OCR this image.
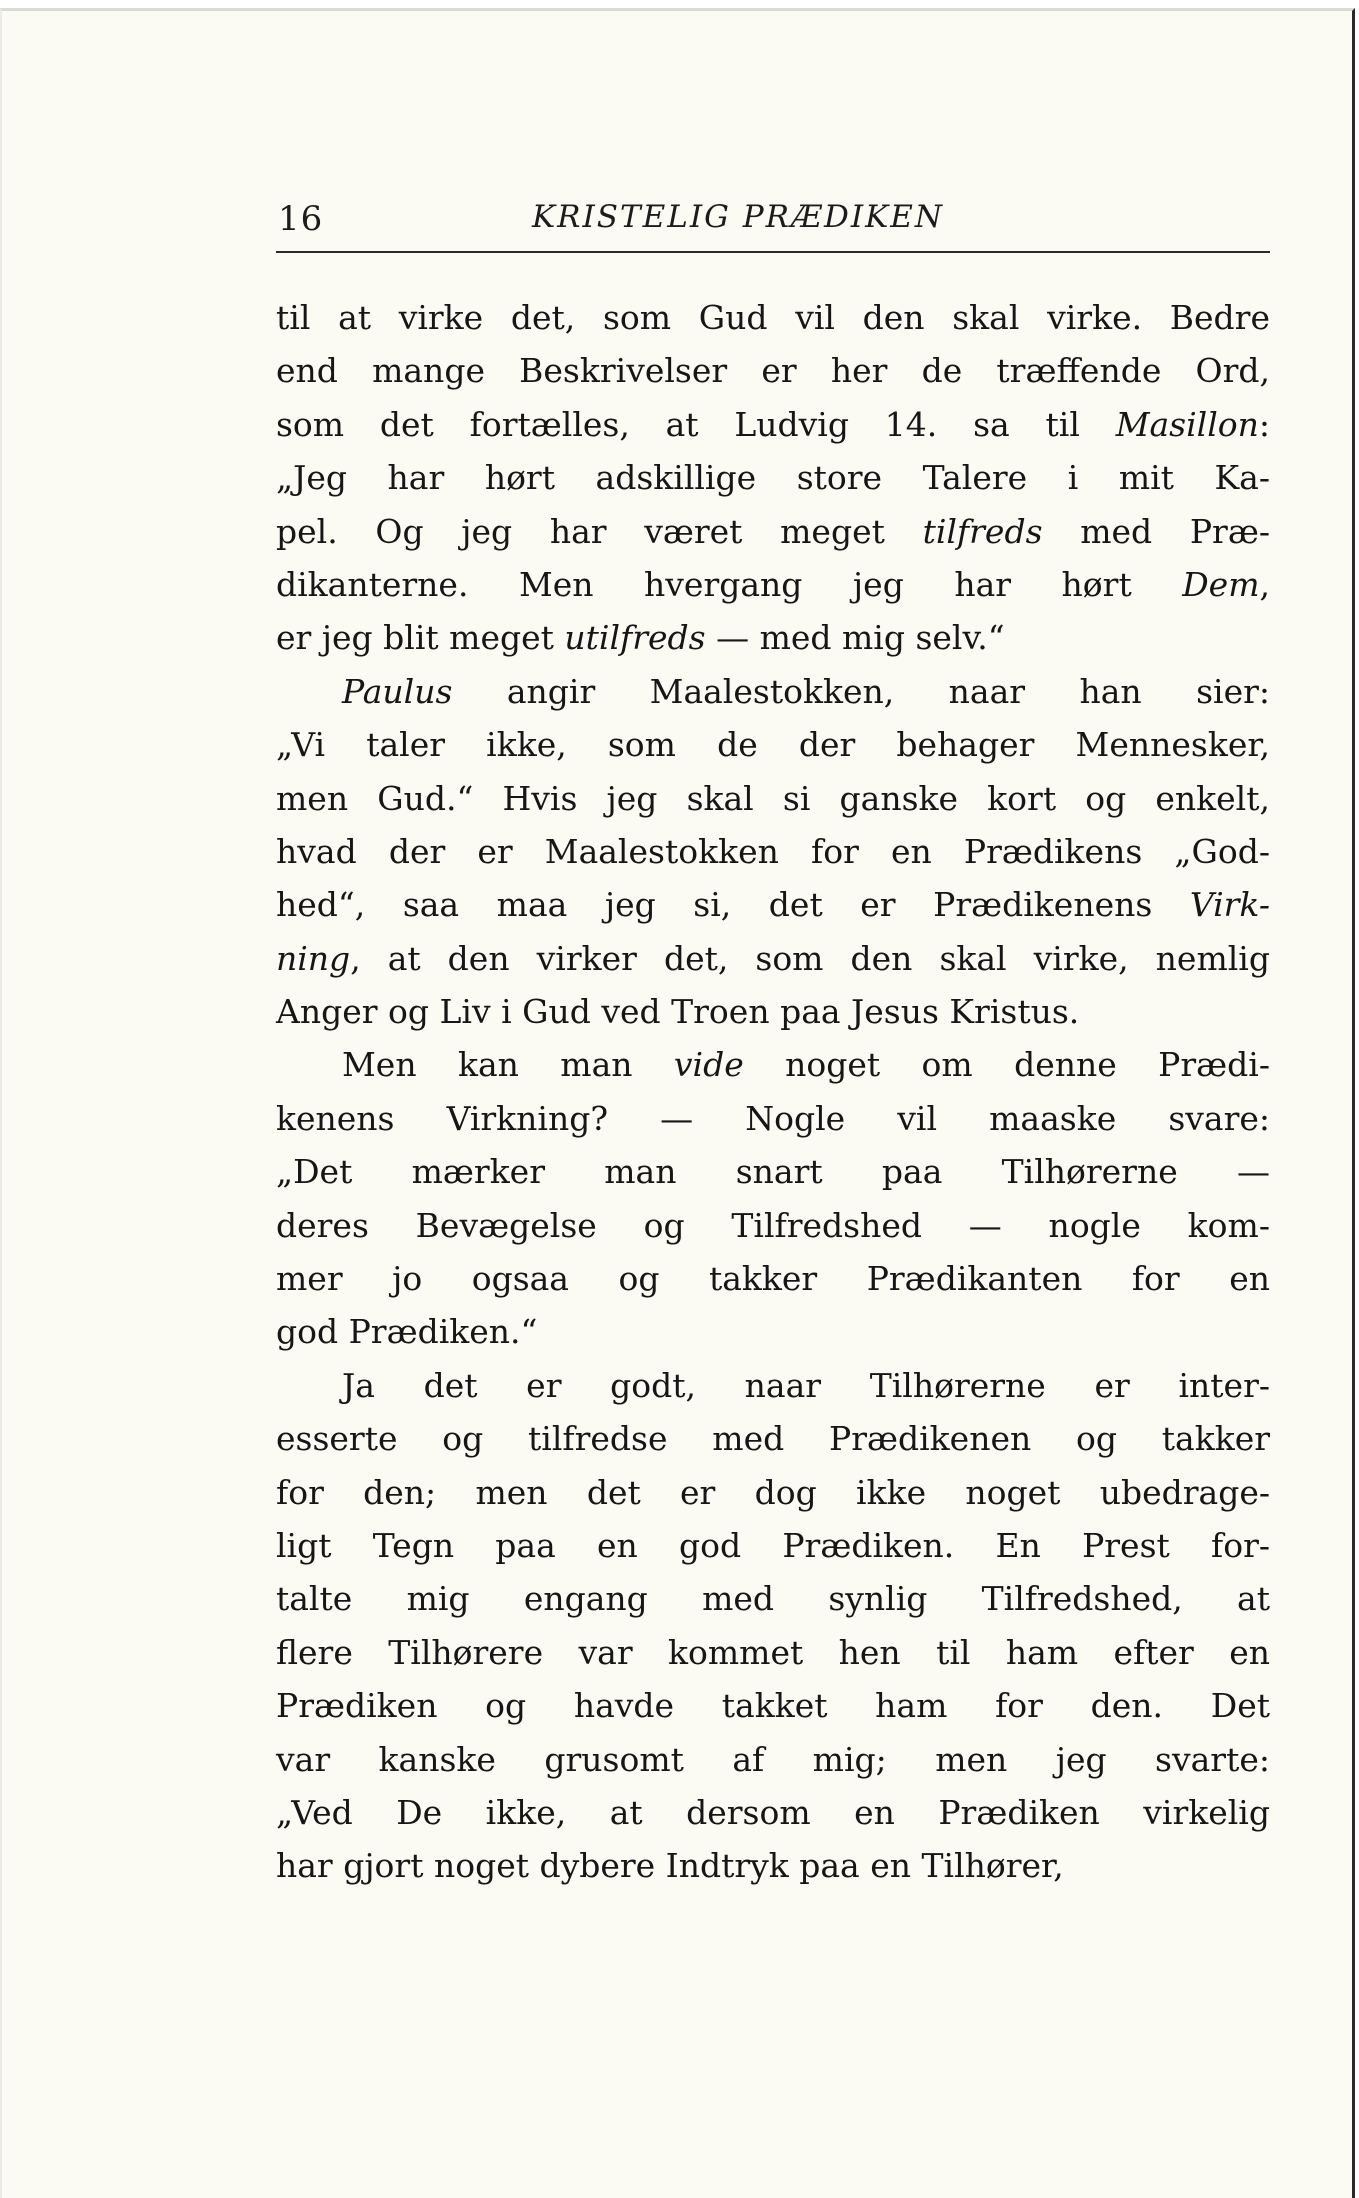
16	KRISTELIG PRÆDIKEN
til at virke det, som Gud vil den skal virke. Bedre
end mange Beskrivelser er her de træffende Ord,
som det fortælles, at Ludvig 14. sa til Masillon:
„Jeg har hørt adskillige store Talere i mit Ka-
pel. Og jeg har været meget tilfreds med Præ-
dikanterne. Men hvergang jeg har hørt Dem,
er jeg blit meget utilfreds — med mig selv.“
Paulus angir Maalestokken, naar han sier:
„Vi taler ikke, som de der behager Mennesker,
men Gud.“ Hvis jeg skal si ganske kort og enkelt,
hvad der er Maalestokken for en Prædikens „God-
hed“, saa maa jeg si, det er Prædikenens Virk-
ning, at den virker det, som den skal virke, nemlig
Anger og Liv i Gud ved Troen paa Jesus Kristus.
Men kan man vide noget om denne Prædi-
kenens Virkning? — Nogle vil maaske svare:
„Det mærker man snart paa Tilhørerne —
deres Bevægelse og Tilfredshed — nogle kom-
mer jo ogsaa og takker Prædikanten for en
god Prædiken.“
Ja det er godt, naar Tilhørerne er inter-
esserte og tilfredse med Prædikenen og takker
for den; men det er dog ikke noget ubedrage-
ligt Tegn paa en god Prædiken. En Prest for-
talte mig engang med synlig Tilfredshed, at
flere Tilhørere var kommet hen til ham efter en
Prædiken og havde takket ham for den. Det
var kanske grusomt af mig; men jeg svarte:
„Ved De ikke, at dersom en Prædiken virkelig
har gjort noget dybere Indtryk paa en Tilhører,
